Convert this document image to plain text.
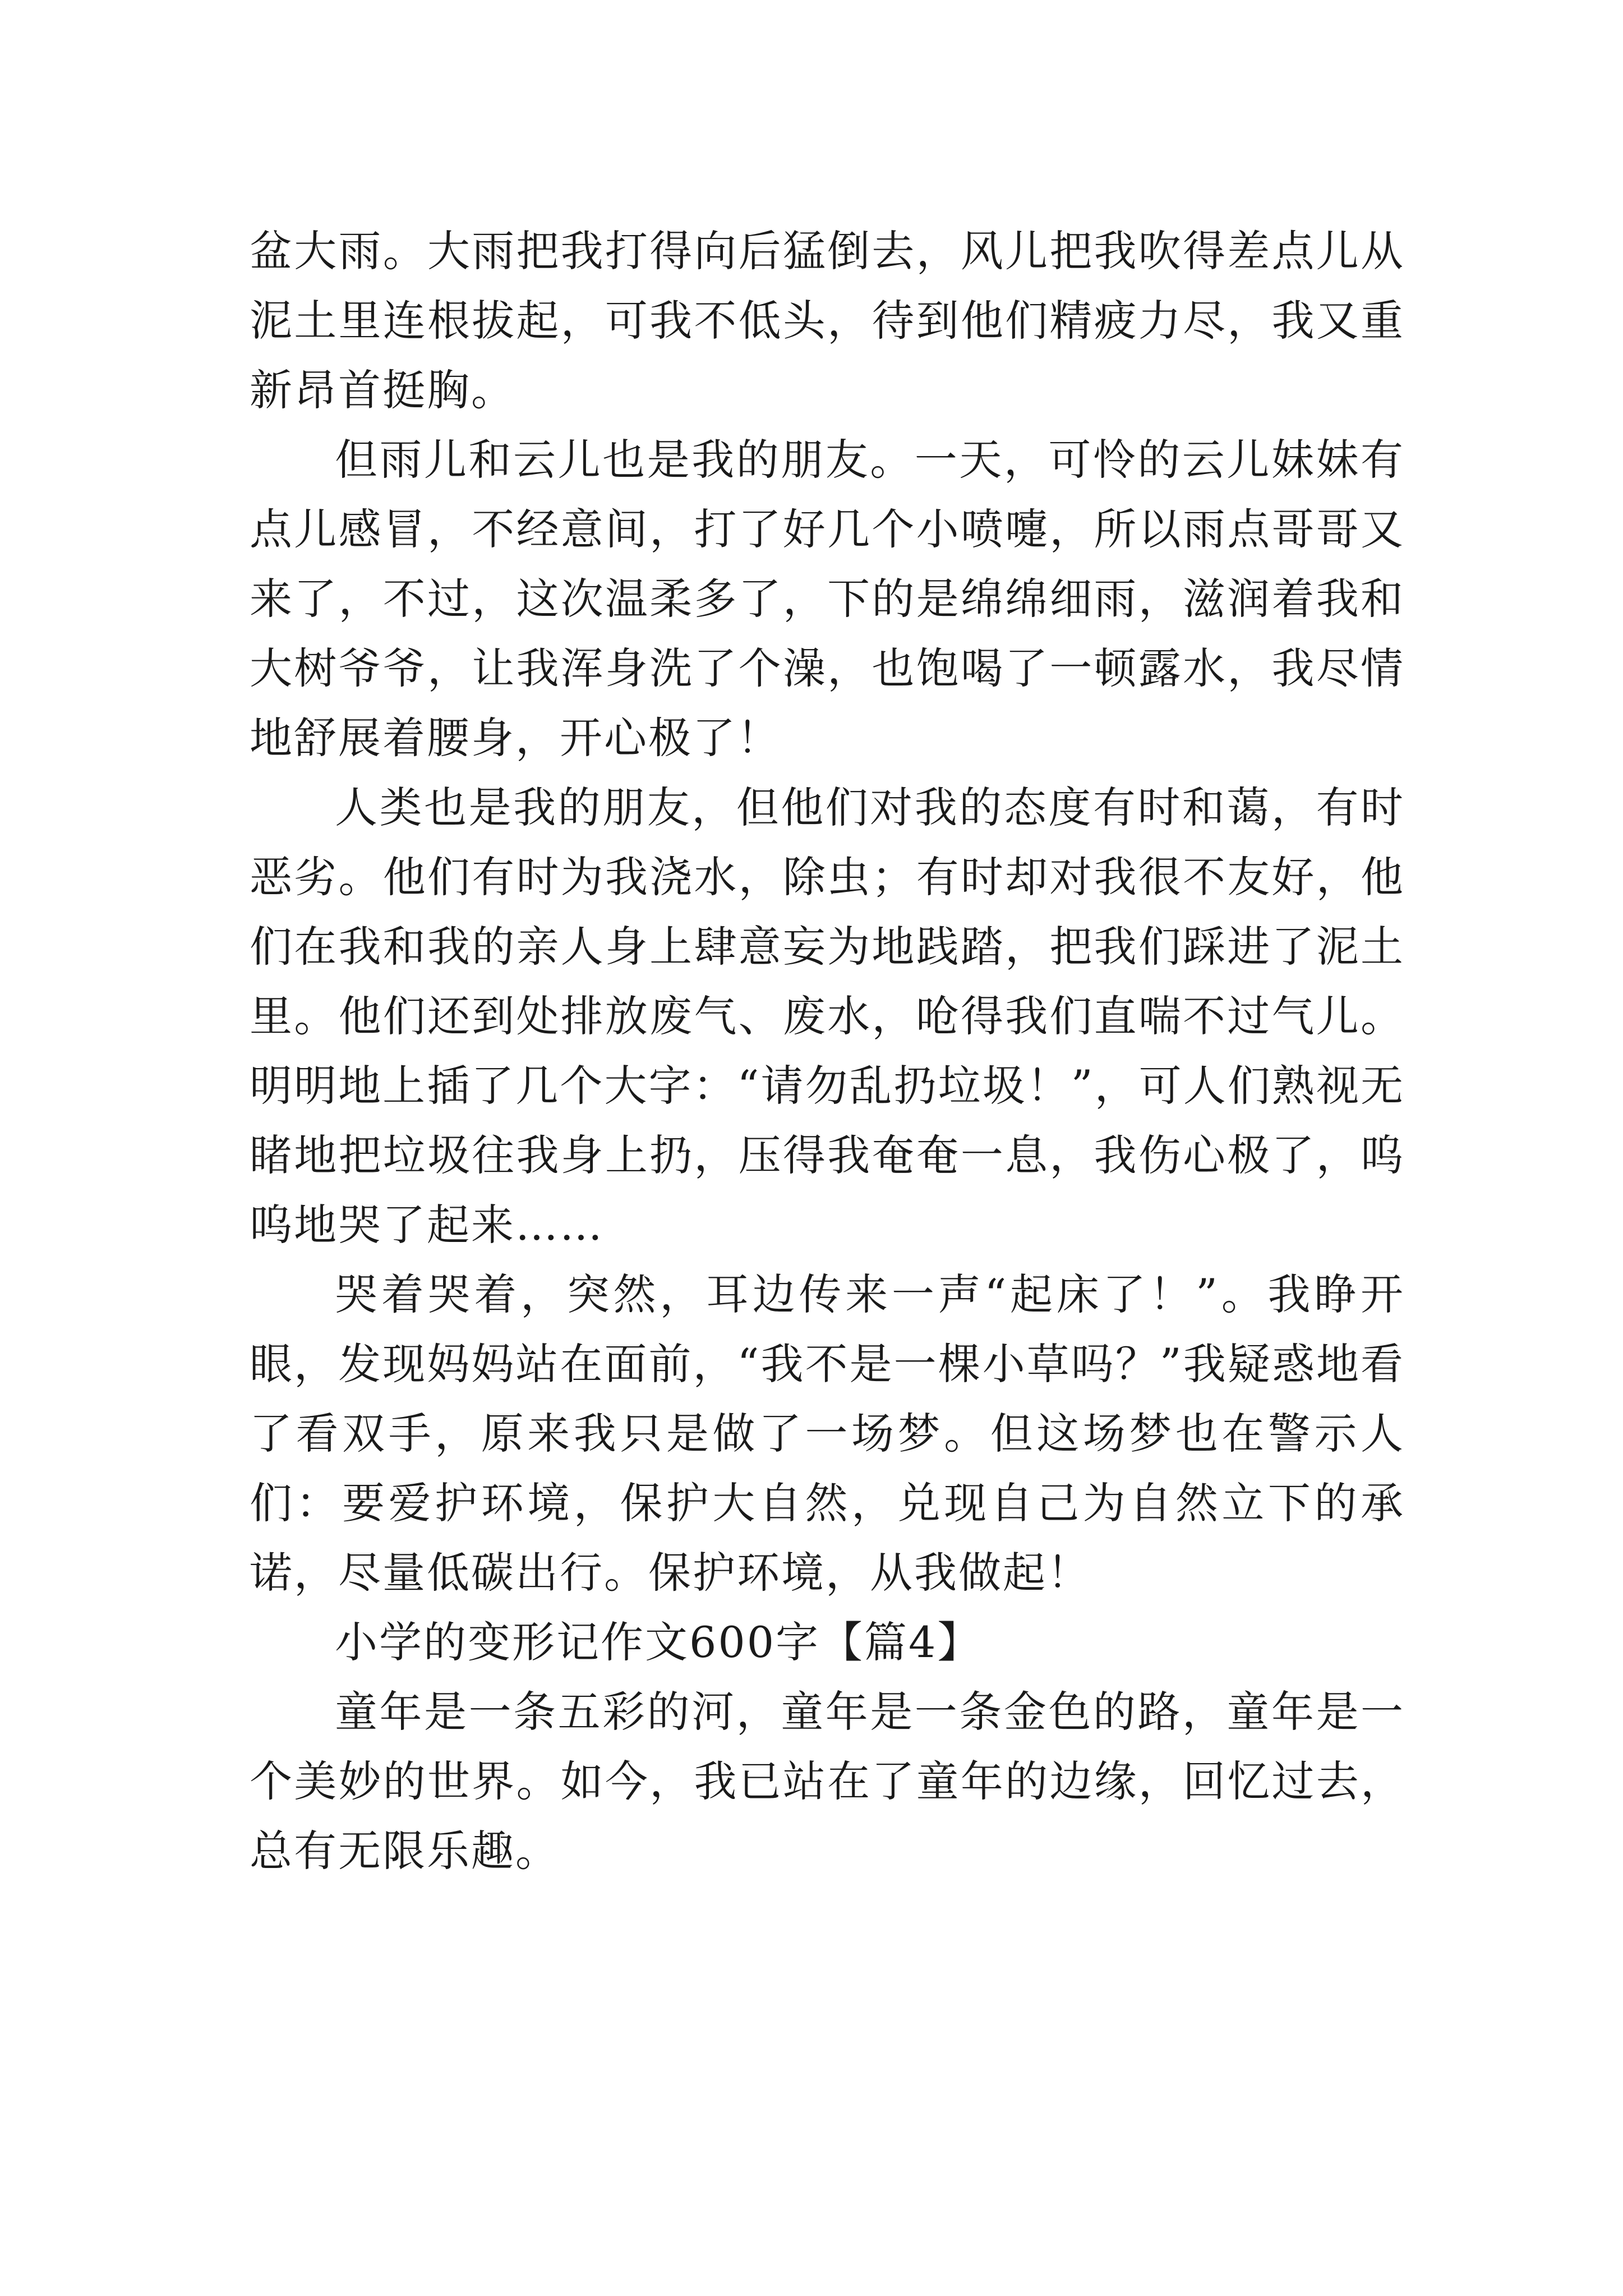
盆大雨。大雨把我打得向后猛倒去，风儿把我吹得差点儿从泥土里连根拔起，可我不低头，待到他们精疲力尽，我又重新昂首挺胸。

但雨儿和云儿也是我的朋友。一天，可怜的云儿妹妹有点儿感冒，不经意间，打了好几个小喷嚏，所以雨点哥哥又来了，不过，这次温柔多了，下的是绵绵细雨，滋润着我和大树爷爷，让我浑身洗了个澡，也饱喝了一顿露水，我尽情地舒展着腰身，开心极了！

人类也是我的朋友，但他们对我的态度有时和蔼，有时恶劣。他们有时为我浇水，除虫；有时却对我很不友好，他们在我和我的亲人身上肆意妄为地践踏，把我们踩进了泥土里。他们还到处排放废气、废水，呛得我们直喘不过气儿。明明地上插了几个大字：“请勿乱扔垃圾！”，可人们熟视无睹地把垃圾往我身上扔，压得我奄奄一息，我伤心极了，呜呜地哭了起来……

哭着哭着，突然，耳边传来一声“起床了！”。我睁开眼，发现妈妈站在面前，“我不是一棵小草吗？”我疑惑地看了看双手，原来我只是做了一场梦。但这场梦也在警示人们：要爱护环境，保护大自然，兑现自己为自然立下的承诺，尽量低碳出行。保护环境，从我做起！

小学的变形记作文600字【篇4】

童年是一条五彩的河，童年是一条金色的路，童年是一个美妙的世界。如今，我已站在了童年的边缘，回忆过去，总有无限乐趣。
